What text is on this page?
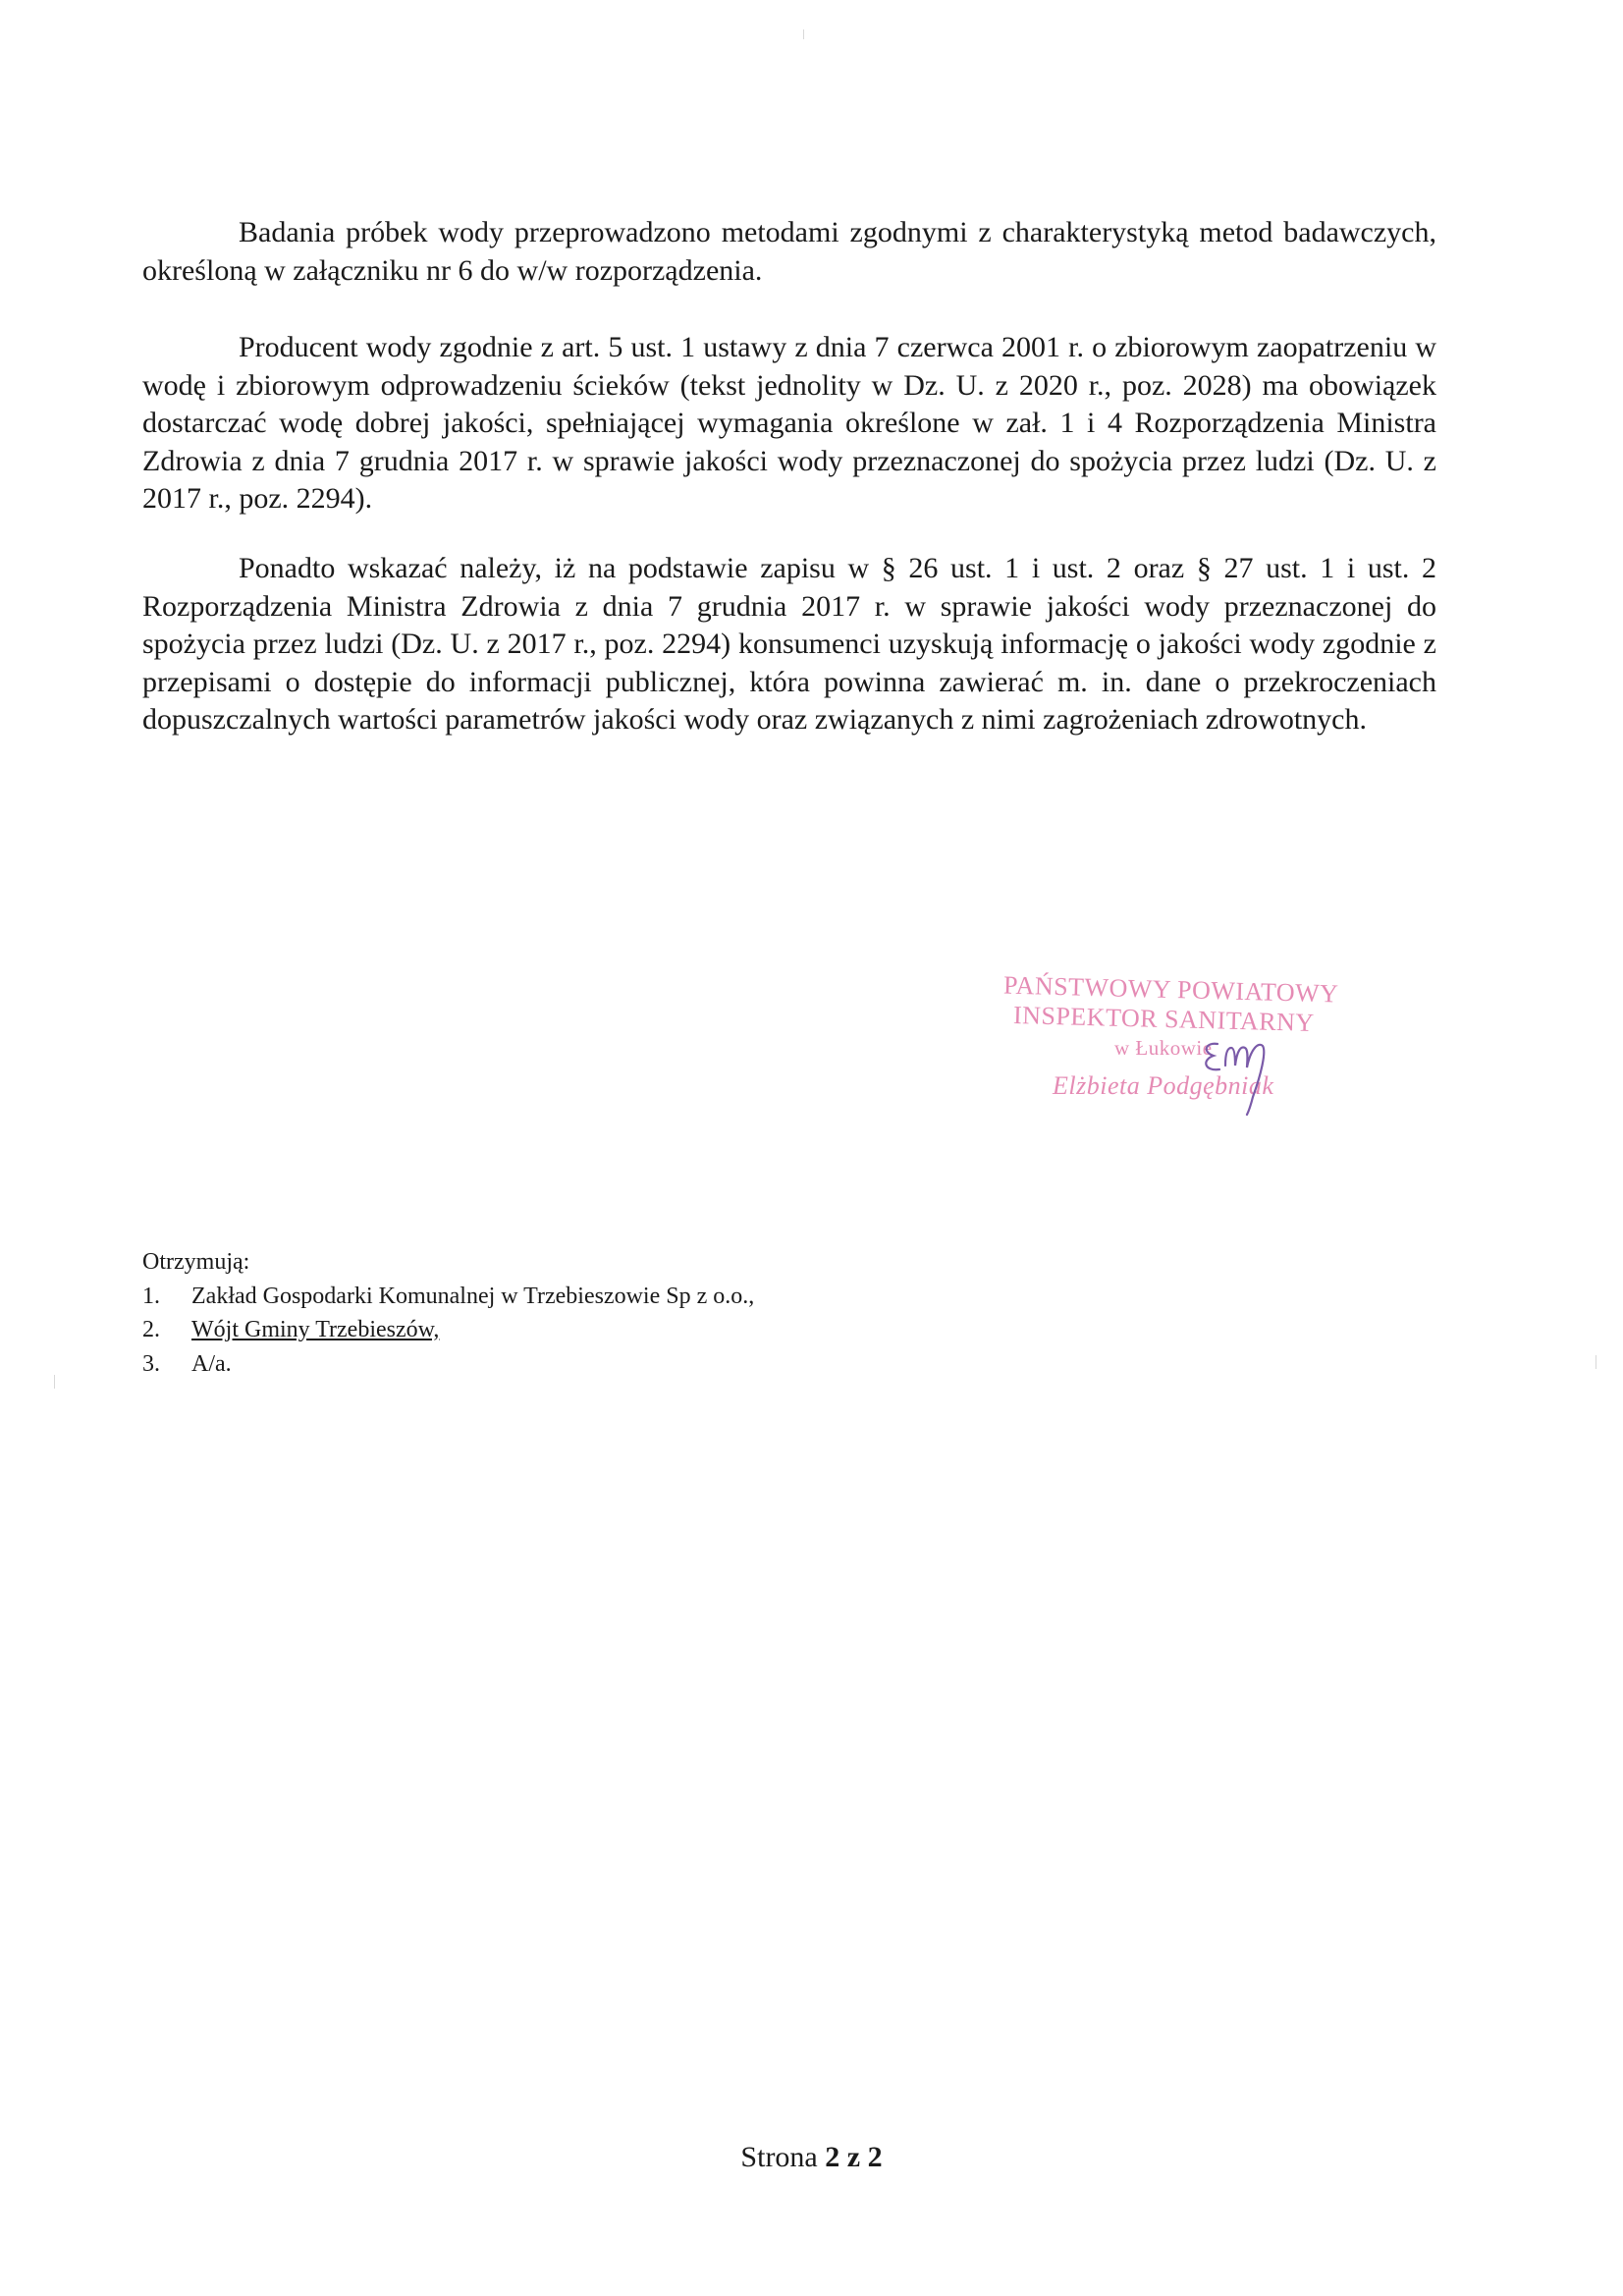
Badania próbek wody przeprowadzono metodami zgodnymi z charakterystyką metod badawczych, określoną w załączniku nr 6 do w/w rozporządzenia.

Producent wody zgodnie z art. 5 ust. 1 ustawy z dnia 7 czerwca 2001 r. o zbiorowym zaopatrzeniu w wodę i zbiorowym odprowadzeniu ścieków (tekst jednolity w Dz. U. z 2020 r., poz. 2028) ma obowiązek dostarczać wodę dobrej jakości, spełniającej wymagania określone w zał. 1 i 4 Rozporządzenia Ministra Zdrowia z dnia 7 grudnia 2017 r. w sprawie jakości wody przeznaczonej do spożycia przez ludzi (Dz. U. z 2017 r., poz. 2294).

Ponadto wskazać należy, iż na podstawie zapisu w § 26 ust. 1 i ust. 2 oraz § 27 ust. 1 i ust. 2 Rozporządzenia Ministra Zdrowia z dnia 7 grudnia 2017 r. w sprawie jakości wody przeznaczonej do spożycia przez ludzi (Dz. U. z 2017 r., poz. 2294) konsumenci uzyskują informację o jakości wody zgodnie z przepisami o dostępie do informacji publicznej, która powinna zawierać m. in. dane o przekroczeniach dopuszczalnych wartości parametrów jakości wody oraz związanych z nimi zagrożeniach zdrowotnych.

PAŃSTWOWY POWIATOWY
INSPEKTOR SANITARNY
w Łukowie
Elżbieta Podgębniak

Otrzymują:

1. Zakład Gospodarki Komunalnej w Trzebieszowie Sp z o.o.,
2. Wójt Gminy Trzebieszów,
3. A/a.
Strona 2 z 2
